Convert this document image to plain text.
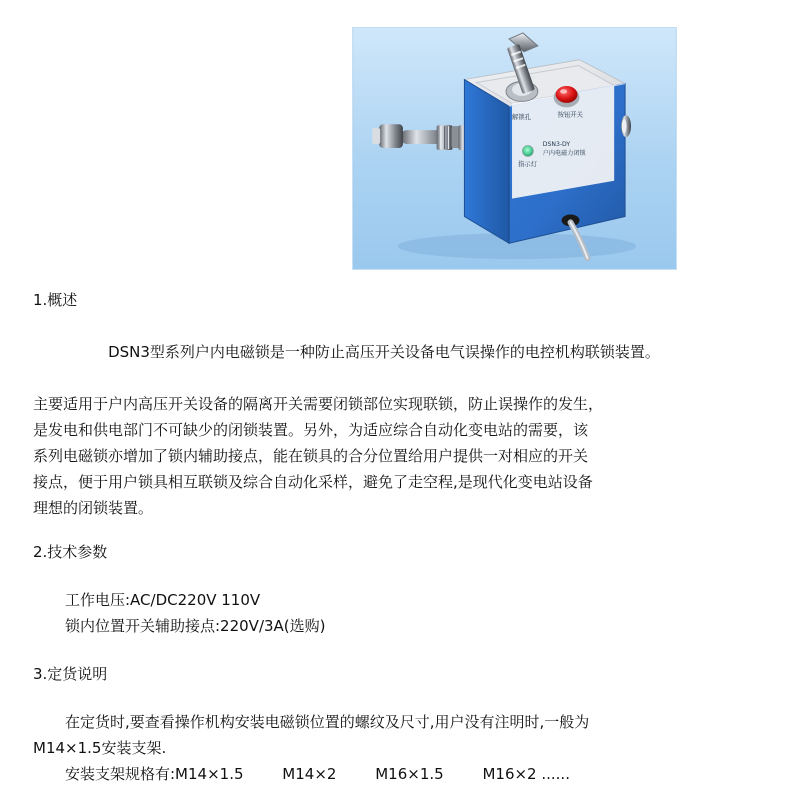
解锁孔	按钮开关
DSN3-DY
指示灯
户内电磁力闭锁
1.概述

DSN3型系列户内电磁锁是一种防止高压开关设备电气误操作的电控机构联锁装置。

主要适用于户内高压开关设备的隔离开关需要闭锁部位实现联锁，防止误操作的发生，

是发电和供电部门不可缺少的闭锁装置。另外，为适应综合自动化变电站的需要，该

系列电磁锁亦增加了锁内辅助接点，能在锁具的合分位置给用户提供一对相应的开关

接点，便于用户锁具相互联锁及综合自动化采样，避免了走空程,是现代化变电站设备

理想的闭锁装置。

2.技术参数
工作电压:AC/DC220V 110V
锁内位置开关辅助接点:220V/3A(选购)
3.定货说明
在定货时,要查看操作机构安装电磁锁位置的螺纹及尺寸,用户没有注明时,一般为
M14×1.5安装支架.
安装支架规格有:M14×1.5	M14×2	M16×1.5	M16×2 ......
